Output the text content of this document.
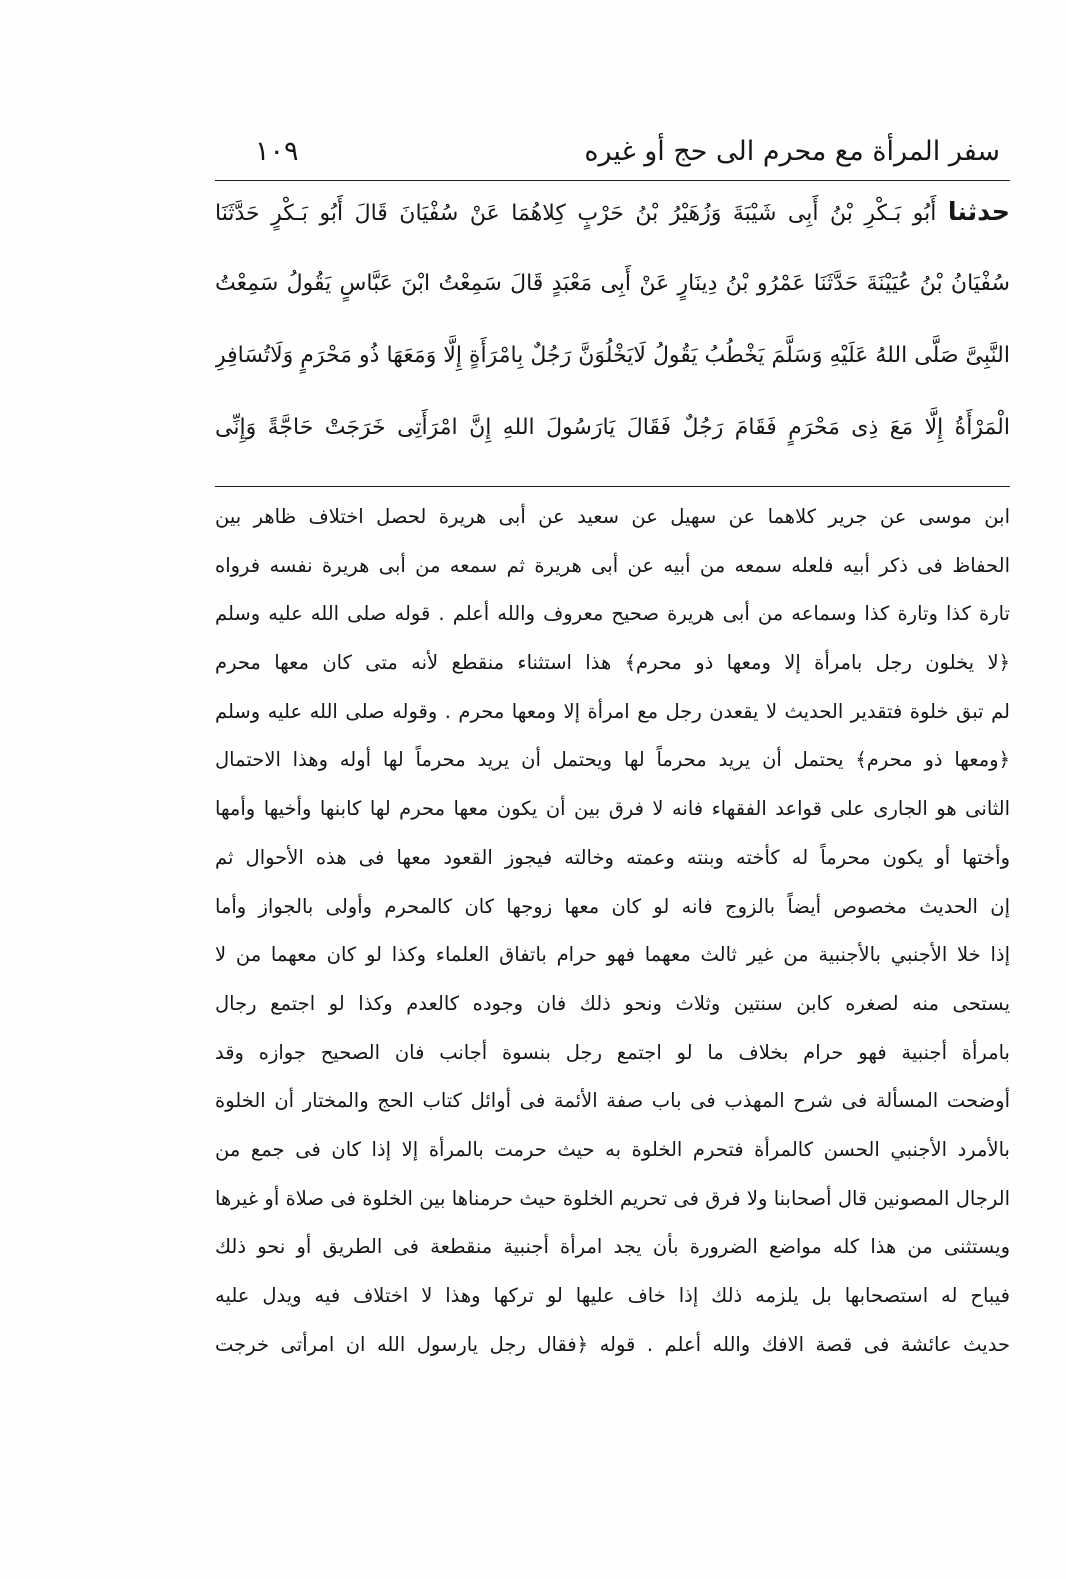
سفر المرأة مع محرم الى حج أو غيره
١٠٩
حدثنا أَبُو بَـكْرِ بْنُ أَبِى شَيْبَةَ وَزُهَيْرُ بْنُ حَرْبٍ كِلاهُمَا عَنْ سُفْيَانَ قَالَ أَبُو بَـكْرٍ حَدَّثَنَا
سُفْيَانُ بْنُ عُيَيْنَةَ حَدَّثَنَا عَمْرُو بْنُ دِينَارٍ عَنْ أَبِى مَعْبَدٍ قَالَ سَمِعْتُ ابْنَ عَبَّاسٍ يَقُولُ سَمِعْتُ
النَّبِىَّ صَلَّى اللهُ عَلَيْهِ وَسَلَّمَ يَخْطُبُ يَقُولُ لَايَخْلُوَنَّ رَجُلٌ بِامْرَأَةٍ إِلَّا وَمَعَهَا ذُو مَحْرَمٍ وَلَاتُسَافِرِ
الْمَرْأَةُ إِلَّا مَعَ ذِى مَحْرَمٍ فَقَامَ رَجُلٌ فَقَالَ يَارَسُولَ اللهِ إِنَّ امْرَأَتِى خَرَجَتْ حَاجَّةً وَإِنِّى
ابن موسى عن جرير كلاهما عن سهيل عن سعيد عن أبى هريرة لحصل اختلاف ظاهر بين
الحفاظ فى ذكر أبيه فلعله سمعه من أبيه عن أبى هريرة ثم سمعه من أبى هريرة نفسه فرواه
تارة كذا وتارة كذا وسماعه من أبى هريرة صحيح معروف والله أعلم . قوله صلى الله عليه وسلم
﴿لا يخلون رجل بامرأة إلا ومعها ذو محرم﴾ هذا استثناء منقطع لأنه متى كان معها محرم
لم تبق خلوة فتقدير الحديث لا يقعدن رجل مع امرأة إلا ومعها محرم . وقوله صلى الله عليه وسلم
﴿ومعها ذو محرم﴾ يحتمل أن يريد محرماً لها ويحتمل أن يريد محرماً لها أوله وهذا الاحتمال
الثانى هو الجارى على قواعد الفقهاء فانه لا فرق بين أن يكون معها محرم لها كابنها وأخيها وأمها
وأختها أو يكون محرماً له كأخته وبنته وعمته وخالته فيجوز القعود معها فى هذه الأحوال ثم
إن الحديث مخصوص أيضاً بالزوج فانه لو كان معها زوجها كان كالمحرم وأولى بالجواز وأما
إذا خلا الأجنبي بالأجنبية من غير ثالث معهما فهو حرام باتفاق العلماء وكذا لو كان معهما من لا
يستحى منه لصغره كابن سنتين وثلاث ونحو ذلك فان وجوده كالعدم وكذا لو اجتمع رجال
بامرأة أجنبية فهو حرام بخلاف ما لو اجتمع رجل بنسوة أجانب فان الصحيح جوازه وقد
أوضحت المسألة فى شرح المهذب فى باب صفة الأئمة فى أوائل كتاب الحج والمختار أن الخلوة
بالأمرد الأجنبي الحسن كالمرأة فتحرم الخلوة به حيث حرمت بالمرأة إلا إذا كان فى جمع من
الرجال المصونين قال أصحابنا ولا فرق فى تحريم الخلوة حيث حرمناها بين الخلوة فى صلاة أو غيرها
ويستثنى من هذا كله مواضع الضرورة بأن يجد امرأة أجنبية منقطعة فى الطريق أو نحو ذلك
فيباح له استصحابها بل يلزمه ذلك إذا خاف عليها لو تركها وهذا لا اختلاف فيه ويدل عليه
حديث عائشة فى قصة الافك والله أعلم . قوله ﴿فقال رجل يارسول الله ان امرأتى خرجت
